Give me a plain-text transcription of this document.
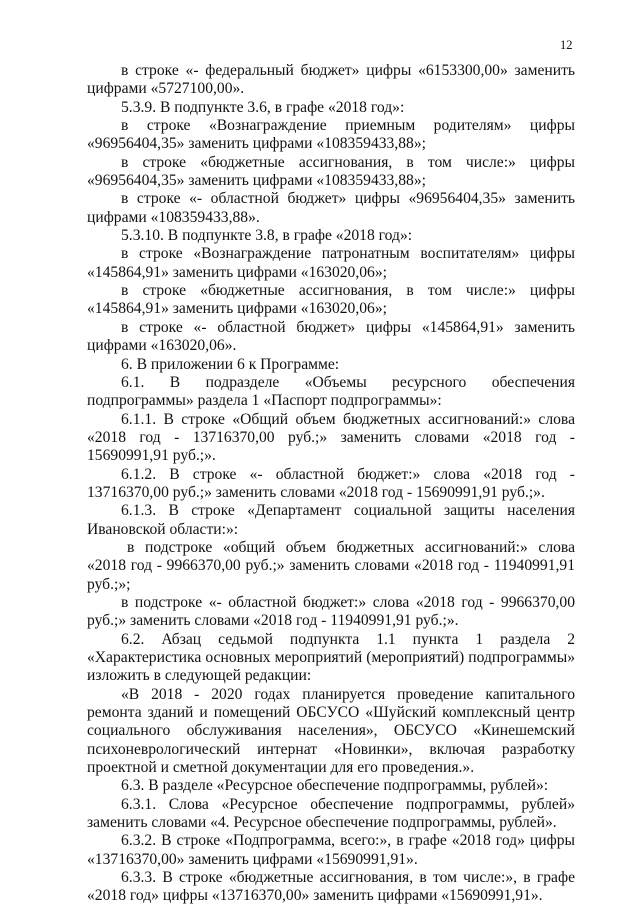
12

в строке «- федеральный бюджет» цифры «6153300,00» заменить цифрами «5727100,00».

5.3.9. В подпункте 3.6, в графе «2018 год»:

в строке «Вознаграждение приемным родителям» цифры «96956404,35» заменить цифрами «108359433,88»;

в строке «бюджетные ассигнования, в том числе:» цифры «96956404,35» заменить цифрами «108359433,88»;

в строке «- областной бюджет» цифры «96956404,35» заменить цифрами «108359433,88».

5.3.10. В подпункте 3.8, в графе «2018 год»:

в строке «Вознаграждение патронатным воспитателям» цифры «145864,91» заменить цифрами «163020,06»;

в строке «бюджетные ассигнования, в том числе:» цифры «145864,91» заменить цифрами «163020,06»;

в строке «- областной бюджет» цифры «145864,91» заменить цифрами «163020,06».

6. В приложении 6 к Программе:

6.1. В подразделе «Объемы ресурсного обеспечения подпрограммы» раздела 1 «Паспорт подпрограммы»:

6.1.1. В строке «Общий объем бюджетных ассигнований:» слова «2018 год - 13716370,00 руб.;» заменить словами «2018 год - 15690991,91 руб.;».

6.1.2. В строке «- областной бюджет:» слова «2018 год - 13716370,00 руб.;» заменить словами «2018 год - 15690991,91 руб.;».

6.1.3. В строке «Департамент социальной защиты населения Ивановской области:»:

в подстроке «общий объем бюджетных ассигнований:» слова «2018 год - 9966370,00 руб.;» заменить словами «2018 год - 11940991,91 руб.;»;

в подстроке «- областной бюджет:» слова «2018 год - 9966370,00 руб.;» заменить словами «2018 год - 11940991,91 руб.;».

6.2. Абзац седьмой подпункта 1.1 пункта 1 раздела 2 «Характеристика основных мероприятий (мероприятий) подпрограммы» изложить в следующей редакции:

«В 2018 - 2020 годах планируется проведение капитального ремонта зданий и помещений ОБСУСО «Шуйский комплексный центр социального обслуживания населения», ОБСУСО «Кинешемский психоневрологический интернат «Новинки», включая разработку проектной и сметной документации для его проведения.».

6.3. В разделе «Ресурсное обеспечение подпрограммы, рублей»:

6.3.1. Слова «Ресурсное обеспечение подпрограммы, рублей» заменить словами «4. Ресурсное обеспечение подпрограммы, рублей».

6.3.2. В строке «Подпрограмма, всего:», в графе «2018 год» цифры «13716370,00» заменить цифрами «15690991,91».

6.3.3. В строке «бюджетные ассигнования, в том числе:», в графе «2018 год» цифры «13716370,00» заменить цифрами «15690991,91».
